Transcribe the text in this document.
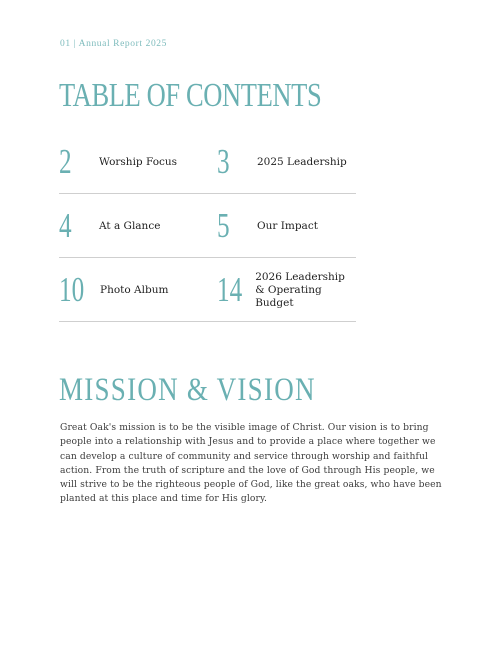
01 | Annual Report 2025
TABLE OF CONTENTS
2	Worship Focus 3	2025 Leadership
4	At a Glance 5	Our Impact
10	Photo Album 14 2026 Leadership
& Operating Budget
MISSION & VISION

Great Oak's mission is to be the visible image of Christ. Our vision is to bring people into a relationship with Jesus and to provide a place where together we can develop a culture of community and service through worship and faithful action. From the truth of scripture and the love of God through His people, we will strive to be the righteous people of God, like the great oaks, who have been planted at this place and time for His glory.
